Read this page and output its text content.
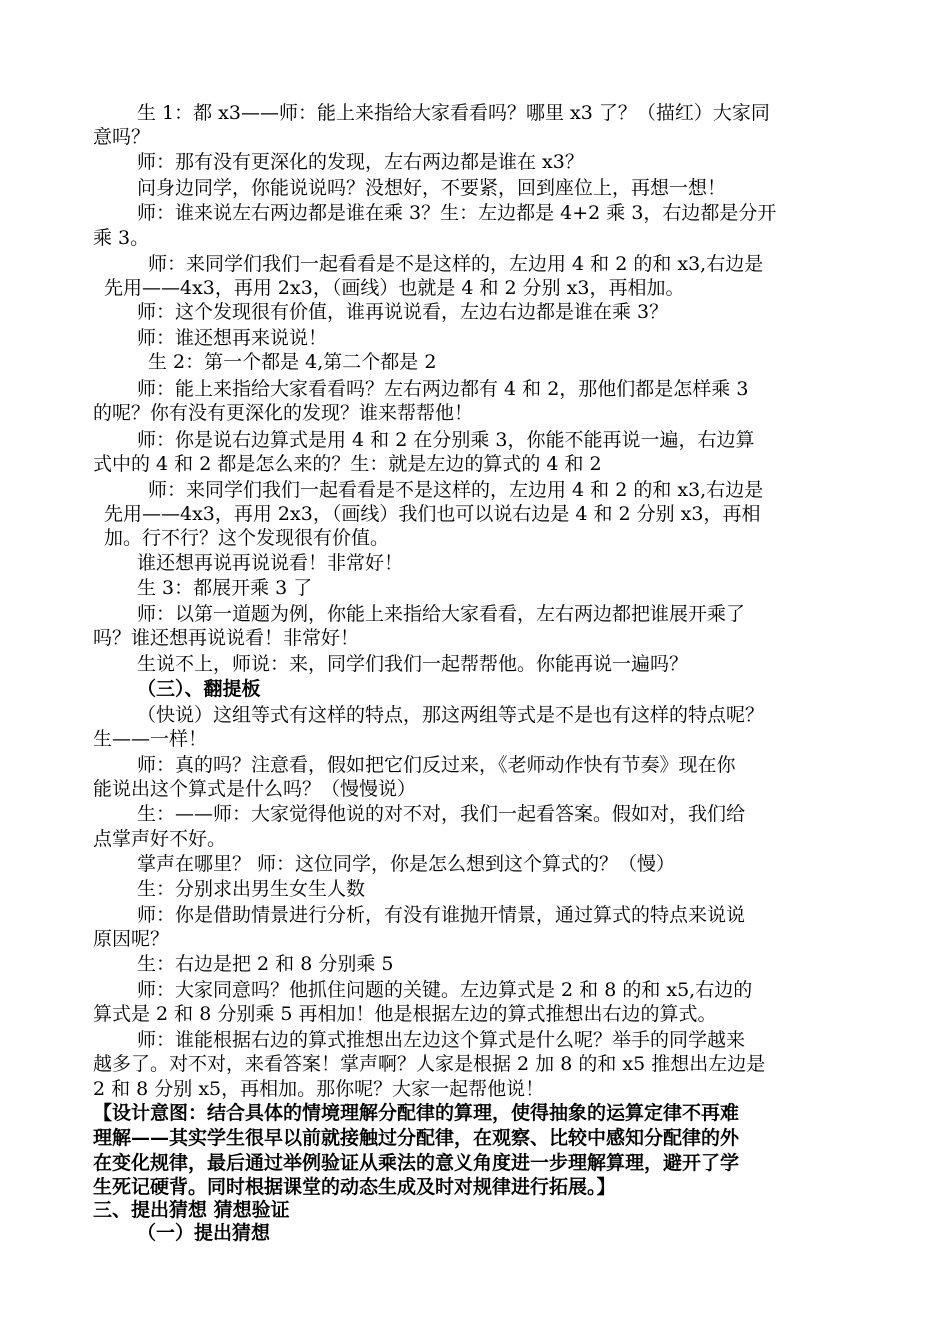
生 1：都 x3——师：能上来指给大家看看吗？哪里 x3 了？（描红）大家同
意吗？
师：那有没有更深化的发现，左右两边都是谁在 x3？
问身边同学，你能说说吗？没想好，不要紧，回到座位上，再想一想！
师：谁来说左右两边都是谁在乘 3？生：左边都是 4+2 乘 3，右边都是分开
乘 3。
师：来同学们我们一起看看是不是这样的，左边用 4 和 2 的和 x3,右边是
先用——4x3，再用 2x3，（画线）也就是 4 和 2 分别 x3，再相加。
师：这个发现很有价值，谁再说说看，左边右边都是谁在乘 3？
师：谁还想再来说说！
生 2：第一个都是 4,第二个都是 2
师：能上来指给大家看看吗？左右两边都有 4 和 2，那他们都是怎样乘 3
的呢？你有没有更深化的发现？谁来帮帮他！
师：你是说右边算式是用 4 和 2 在分别乘 3，你能不能再说一遍，右边算
式中的 4 和 2 都是怎么来的？生：就是左边的算式的 4 和 2
师：来同学们我们一起看看是不是这样的，左边用 4 和 2 的和 x3,右边是
先用——4x3，再用 2x3，（画线）我们也可以说右边是 4 和 2 分别 x3，再相
加。行不行？这个发现很有价值。
谁还想再说再说说看！非常好！
生 3：都展开乘 3 了
师：以第一道题为例，你能上来指给大家看看，左右两边都把谁展开乘了
吗？谁还想再说说看！非常好！
生说不上，师说：来，同学们我们一起帮帮他。你能再说一遍吗？
（三）、翻提板
（快说）这组等式有这样的特点，那这两组等式是不是也有这样的特点呢？
生——一样！
师：真的吗？注意看，假如把它们反过来，《老师动作快有节奏》现在你
能说出这个算式是什么吗？（慢慢说）
生：——师：大家觉得他说的对不对，我们一起看答案。假如对，我们给
点掌声好不好。
掌声在哪里？ 师：这位同学，你是怎么想到这个算式的？（慢）
生：分别求出男生女生人数
师：你是借助情景进行分析，有没有谁抛开情景，通过算式的特点来说说
原因呢？
生：右边是把 2 和 8 分别乘 5
师：大家同意吗？他抓住问题的关键。左边算式是 2 和 8 的和 x5,右边的
算式是 2 和 8 分别乘 5 再相加！他是根据左边的算式推想出右边的算式。
师：谁能根据右边的算式推想出左边这个算式是什么呢？举手的同学越来
越多了。对不对，来看答案！掌声啊？人家是根据 2 加 8 的和 x5 推想出左边是
2 和 8 分别 x5，再相加。那你呢？大家一起帮他说！
【设计意图：结合具体的情境理解分配律的算理，使得抽象的运算定律不再难
理解——其实学生很早以前就接触过分配律，在观察、比较中感知分配律的外
在变化规律，最后通过举例验证从乘法的意义角度进一步理解算理，避开了学
生死记硬背。同时根据课堂的动态生成及时对规律进行拓展。】
三、提出猜想 猜想验证
（一）提出猜想
